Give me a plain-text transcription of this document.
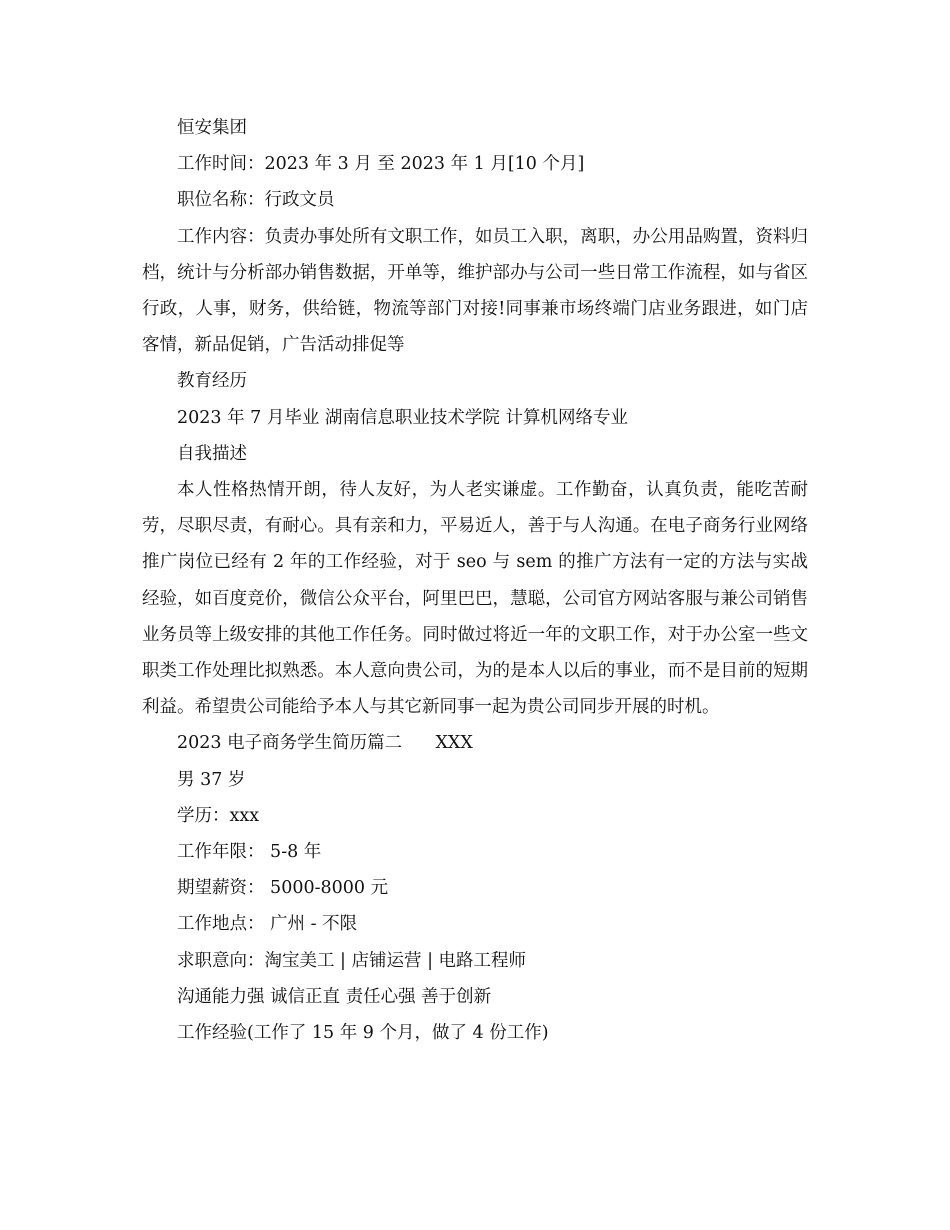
恒安集团

工作时间：2023 年 3 月 至 2023 年 1 月[10 个月]

职位名称：行政文员

工作内容：负责办事处所有文职工作，如员工入职，离职，办公用品购置，资料归档，统计与分析部办销售数据，开单等，维护部办与公司一些日常工作流程，如与省区行政，人事，财务，供给链，物流等部门对接!同事兼市场终端门店业务跟进，如门店客情，新品促销，广告活动排促等

教育经历

2023 年 7 月毕业 湖南信息职业技术学院 计算机网络专业

自我描述

本人性格热情开朗，待人友好，为人老实谦虚。工作勤奋，认真负责，能吃苦耐劳，尽职尽责，有耐心。具有亲和力，平易近人，善于与人沟通。在电子商务行业网络推广岗位已经有 2 年的工作经验，对于 seo 与 sem 的推广方法有一定的方法与实战经验，如百度竞价，微信公众平台，阿里巴巴，慧聪，公司官方网站客服与兼公司销售业务员等上级安排的其他工作任务。同时做过将近一年的文职工作，对于办公室一些文职类工作处理比拟熟悉。本人意向贵公司，为的是本人以后的事业，而不是目前的短期利益。希望贵公司能给予本人与其它新同事一起为贵公司同步开展的时机。

2023 电子商务学生简历篇二      XXX

男 37 岁

学历：xxx

工作年限： 5-8 年

期望薪资： 5000-8000 元

工作地点： 广州 - 不限

求职意向：淘宝美工 | 店铺运营 | 电路工程师

沟通能力强 诚信正直 责任心强 善于创新

工作经验(工作了 15 年 9 个月，做了 4 份工作)
